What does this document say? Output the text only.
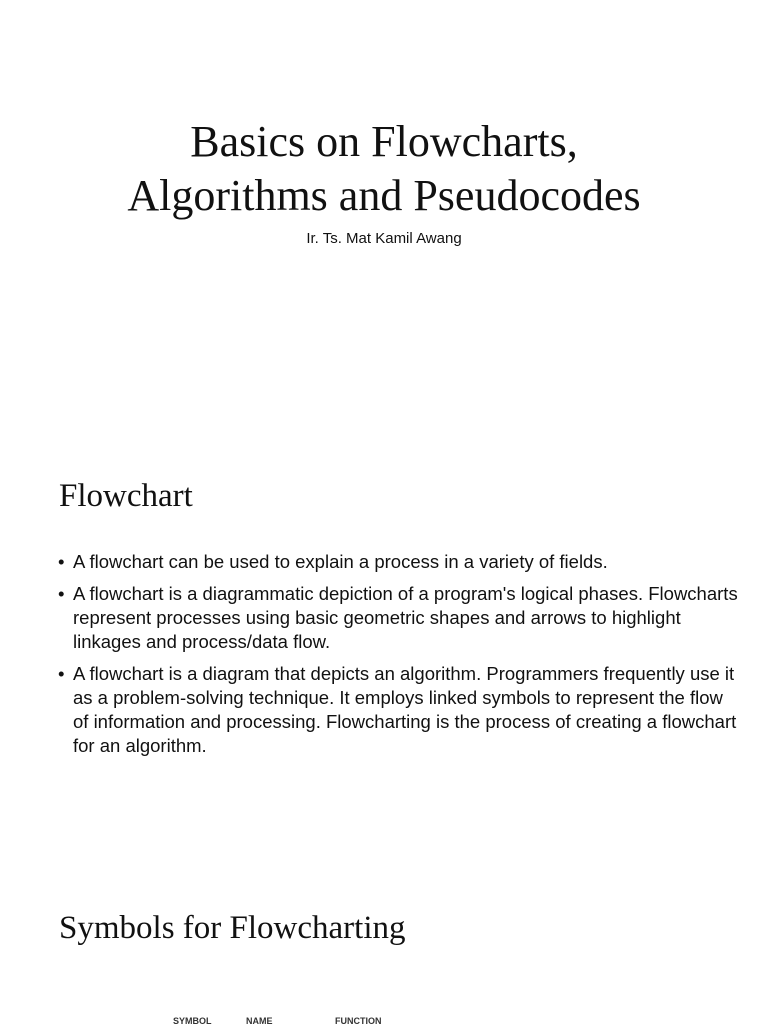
Basics on Flowcharts,
Algorithms and Pseudocodes
Ir. Ts. Mat Kamil Awang
Flowchart
• A flowchart can be used to explain a process in a variety of fields.
• A flowchart is a diagrammatic depiction of a program's logical phases. Flowcharts represent processes using basic geometric shapes and arrows to highlight linkages and process/data flow.
• A flowchart is a diagram that depicts an algorithm. Programmers frequently use it as a problem-solving technique. It employs linked symbols to represent the flow of information and processing. Flowcharting is the process of creating a flowchart for an algorithm.
Symbols for Flowcharting
SYMBOL	NAME	FUNCTION
